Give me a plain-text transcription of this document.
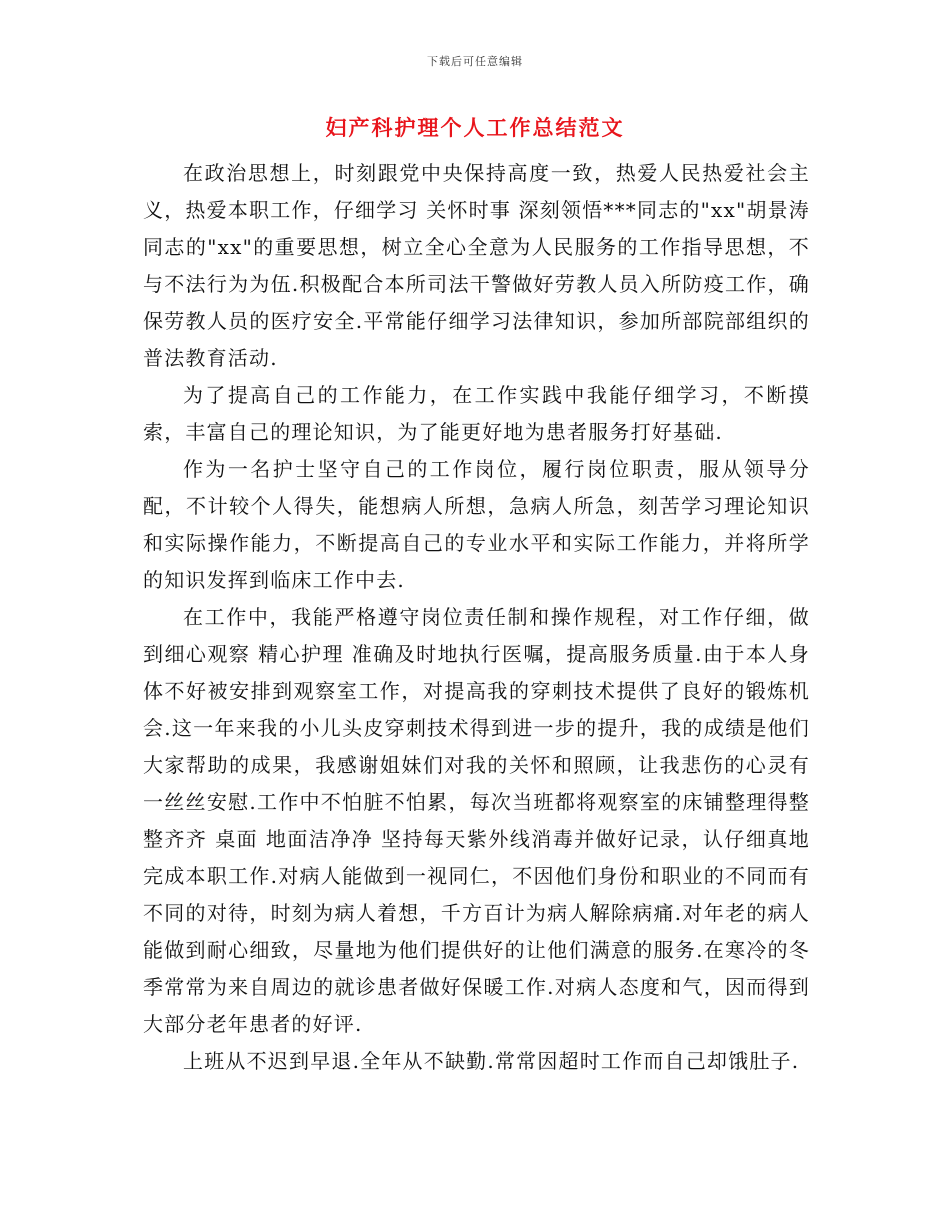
下载后可任意编辑
妇产科护理个人工作总结范文

在政治思想上，时刻跟党中央保持高度一致，热爱人民热爱社会主义，热爱本职工作，仔细学习 关怀时事 深刻领悟***同志的"xx"胡景涛同志的"xx"的重要思想，树立全心全意为人民服务的工作指导思想，不与不法行为为伍.积极配合本所司法干警做好劳教人员入所防疫工作，确保劳教人员的医疗安全.平常能仔细学习法律知识，参加所部院部组织的普法教育活动.

为了提高自己的工作能力，在工作实践中我能仔细学习，不断摸索，丰富自己的理论知识，为了能更好地为患者服务打好基础.

作为一名护士坚守自己的工作岗位，履行岗位职责，服从领导分配，不计较个人得失，能想病人所想，急病人所急，刻苦学习理论知识和实际操作能力，不断提高自己的专业水平和实际工作能力，并将所学的知识发挥到临床工作中去.

在工作中，我能严格遵守岗位责任制和操作规程，对工作仔细，做到细心观察 精心护理 准确及时地执行医嘱，提高服务质量.由于本人身体不好被安排到观察室工作，对提高我的穿刺技术提供了良好的锻炼机会.这一年来我的小儿头皮穿刺技术得到进一步的提升，我的成绩是他们大家帮助的成果，我感谢姐妹们对我的关怀和照顾，让我悲伤的心灵有一丝丝安慰.工作中不怕脏不怕累，每次当班都将观察室的床铺整理得整整齐齐 桌面 地面洁净净 坚持每天紫外线消毒并做好记录，认仔细真地完成本职工作.对病人能做到一视同仁，不因他们身份和职业的不同而有不同的对待，时刻为病人着想，千方百计为病人解除病痛.对年老的病人能做到耐心细致，尽量地为他们提供好的让他们满意的服务.在寒冷的冬季常常为来自周边的就诊患者做好保暖工作.对病人态度和气，因而得到大部分老年患者的好评.

上班从不迟到早退.全年从不缺勤.常常因超时工作而自己却饿肚子.
